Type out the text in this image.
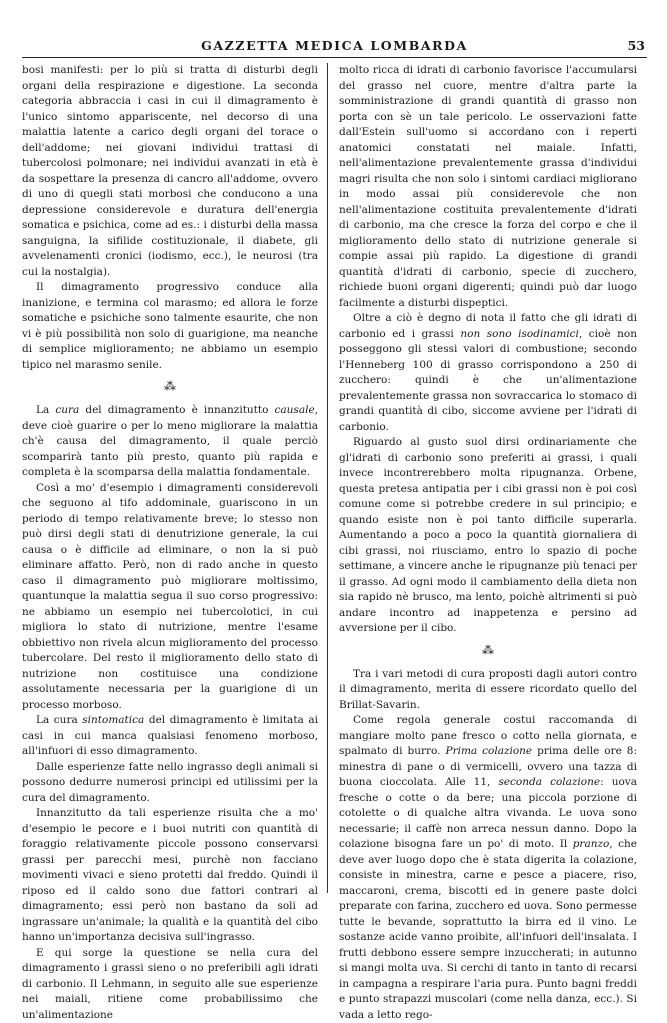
GAZZETTA MEDICA LOMBARDA	53

bosi manifesti: per lo più si tratta di disturbi degli organi della respirazione e digestione. La seconda categoria abbraccia i casi in cui il dimagramento è l'unico sintomo appariscente, nel decorso di una malattia latente a carico degli organi del torace o dell'addome; nei giovani individui trattasi di tubercolosi polmonare; nei individui avanzati in età è da sospettare la presenza di cancro all'addome, ovvero di uno di quegli stati morbosi che conducono a una depressione considerevole e duratura dell'energia somatica e psichica, come ad es.: i disturbi della massa sanguigna, la sifilide costituzionale, il diabete, gli avvelenamenti cronici (iodismo, ecc.), le neurosi (tra cui la nostalgia).

Il dimagramento progressivo conduce alla inanizione, e termina col marasmo; ed allora le forze somatiche e psichiche sono talmente esaurite, che non vi è più possibilità non solo di guarigione, ma neanche di semplice miglioramento; ne abbiamo un esempio tipico nel marasmo senile.

⁂

La cura del dimagramento è innanzitutto causale, deve cioè guarire o per lo meno migliorare la malattia ch'è causa del dimagramento, il quale perciò scomparirà tanto più presto, quanto più rapida e completa è la scomparsa della malattia fondamentale.

Così a mo' d'esempio i dimagramenti considerevoli che seguono al tifo addominale, guariscono in un periodo di tempo relativamente breve; lo stesso non può dirsi degli stati di denutrizione generale, la cui causa o è difficile ad eliminare, o non la si può eliminare affatto. Però, non di rado anche in questo caso il dimagramento può migliorare moltissimo, quantunque la malattia segua il suo corso progressivo: ne abbiamo un esempio nei tubercolotici, in cui migliora lo stato di nutrizione, mentre l'esame obbiettivo non rivela alcun miglioramento del processo tubercolare. Del resto il miglioramento dello stato di nutrizione non costituisce una condizione assolutamente necessaria per la guarigione di un processo morboso.

La cura sintomatica del dimagramento è limitata ai casi in cui manca qualsiasi fenomeno morboso, all'infuori di esso dimagramento.

Dalle esperienze fatte nello ingrasso degli animali si possono dedurre numerosi principi ed utilissimi per la cura del dimagramento.

Innanzitutto da tali esperienze risulta che a mo' d'esempio le pecore e i buoi nutriti con quantità di foraggio relativamente piccole possono conservarsi grassi per parecchi mesi, purchè non facciano movimenti vivaci e sieno protetti dal freddo. Quindi il riposo ed il caldo sono due fattori contrari al dimagramento; essi però non bastano da soli ad ingrassare un'animale; la qualità e la quantità del cibo hanno un'importanza decisiva sull'ingrasso.

E qui sorge la questione se nella cura del dimagramento i grassi sieno o no preferibili agli idrati di carbonio. Il Lehmann, in seguito alle sue esperienze nei maiali, ritiene come probabilissimo che un'alimentazione

molto ricca di idrati di carbonio favorisce l'accumularsi del grasso nel cuore, mentre d'altra parte la somministrazione di grandi quantità di grasso non porta con sè un tale pericolo. Le osservazioni fatte dall'Estein sull'uomo si accordano con i reperti anatomici constatati nel maiale. Infatti, nell'alimentazione prevalentemente grassa d'individui magri risulta che non solo i sintomi cardiaci migliorano in modo assai più considerevole che non nell'alimentazione costituita prevalentemente d'idrati di carbonio, ma che cresce la forza del corpo e che il miglioramento dello stato di nutrizione generale si compie assai più rapido. La digestione di grandi quantità d'idrati di carbonio, specie di zucchero, richiede buoni organi digerenti; quindi può dar luogo facilmente a disturbi dispeptici.

Oltre a ciò è degno di nota il fatto che gli idrati di carbonio ed i grassi non sono isodinamici, cioè non posseggono gli stessi valori di combustione; secondo l'Henneberg 100 di grasso corrispondono a 250 di zucchero: quindi è che un'alimentazione prevalentemente grassa non sovraccarica lo stomaco di grandi quantità di cibo, siccome avviene per l'idrati di carbonio.

Riguardo al gusto suol dirsi ordinariamente che gl'idrati di carbonio sono preferiti ai grassi, i quali invece incontrerebbero molta ripugnanza. Orbene, questa pretesa antipatia per i cibi grassi non è poi così comune come si potrebbe credere in sul principio; e quando esiste non è poi tanto difficile superarla. Aumentando a poco a poco la quantità giornaliera di cibi grassi, noi riusciamo, entro lo spazio di poche settimane, a vincere anche le ripugnanze più tenaci per il grasso. Ad ogni modo il cambiamento della dieta non sia rapido nè brusco, ma lento, poichè altrimenti si può andare incontro ad inappetenza e persino ad avversione per il cibo.

⁂

Tra i vari metodi di cura proposti dagli autori contro il dimagramento, merita di essere ricordato quello del Brillat-Savarin.

Come regola generale costui raccomanda di mangiare molto pane fresco o cotto nella giornata, e spalmato di burro. Prima colazione prima delle ore 8: minestra di pane o di vermicelli, ovvero una tazza di buona cioccolata. Alle 11, seconda colazione: uova fresche o cotte o da bere; una piccola porzione di cotolette o di qualche altra vivanda. Le uova sono necessarie; il caffè non arreca nessun danno. Dopo la colazione bisogna fare un po' di moto. Il pranzo, che deve aver luogo dopo che è stata digerita la colazione, consiste in minestra, carne e pesce a piacere, riso, maccaroni, crema, biscotti ed in genere paste dolci preparate con farina, zucchero ed uova. Sono permesse tutte le bevande, soprattutto la birra ed il vino. Le sostanze acide vanno proibite, all'infuori dell'insalata. I frutti debbono essere sempre inzuccherati; in autunno si mangi molta uva. Si cerchi di tanto in tanto di recarsi in campagna a respirare l'aria pura. Punto bagni freddi e punto strapazzi muscolari (come nella danza, ecc.). Si vada a letto rego-
